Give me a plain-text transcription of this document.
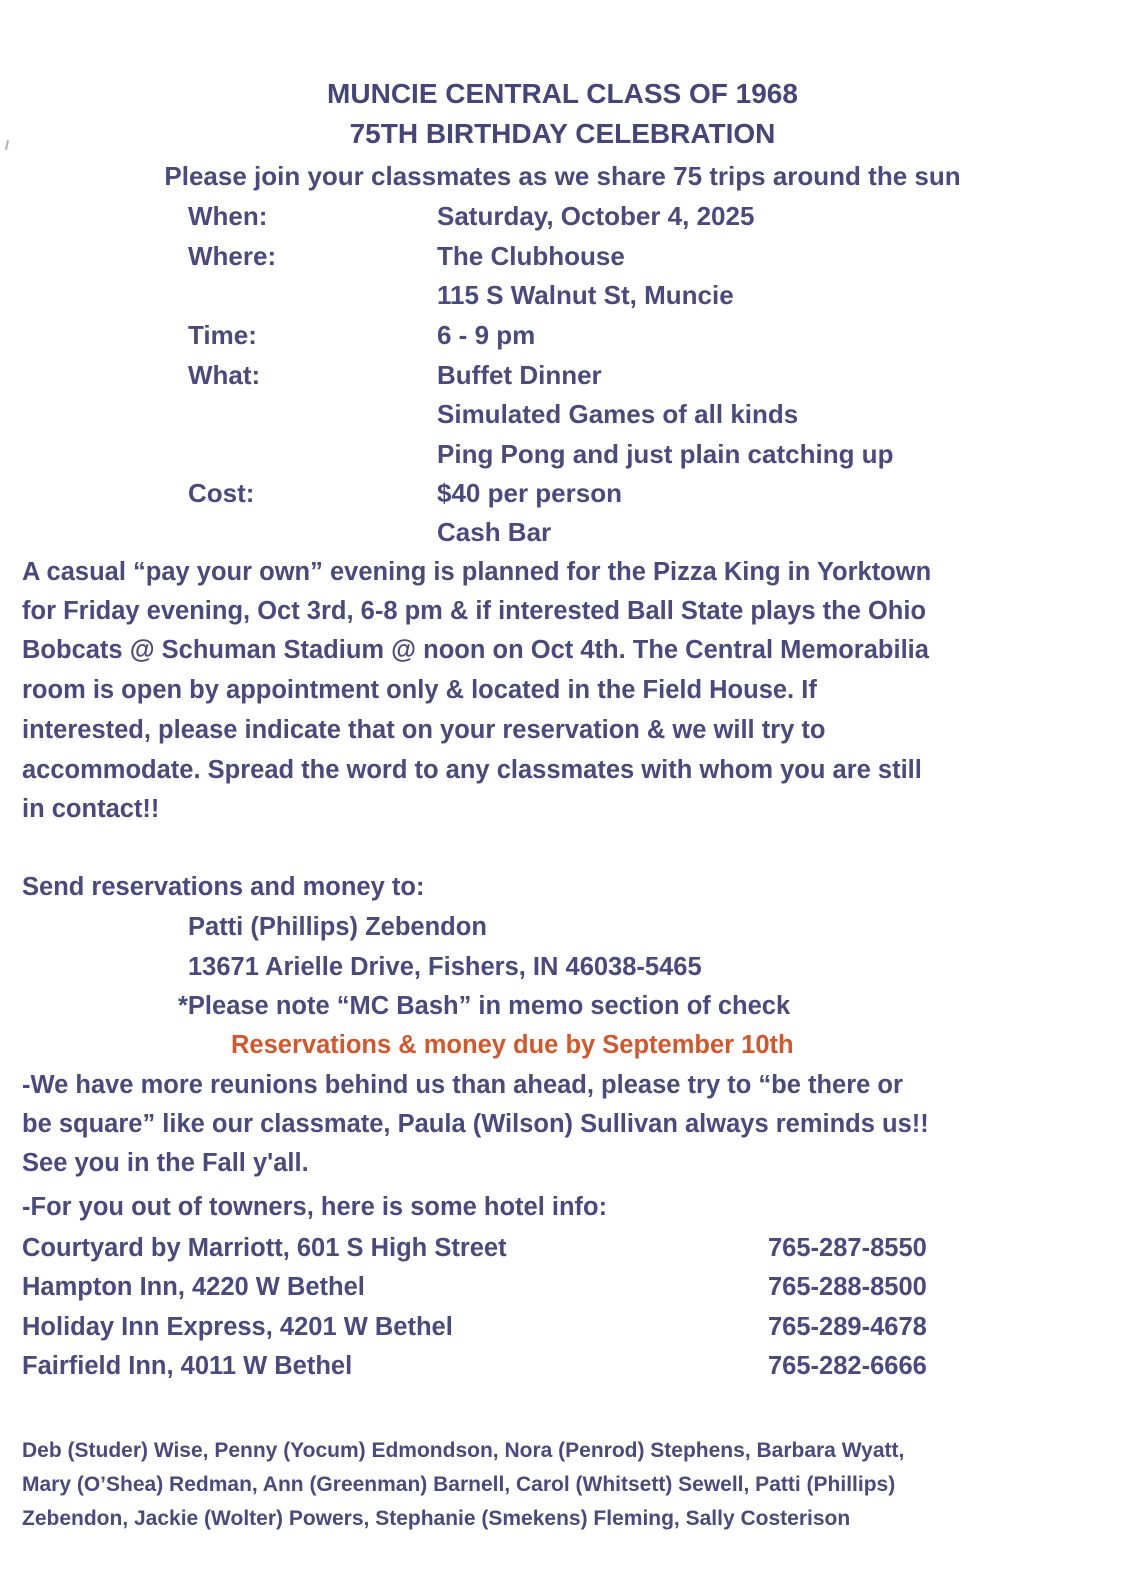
MUNCIE CENTRAL CLASS OF 1968
75TH BIRTHDAY CELEBRATION
Please join your classmates as we share 75 trips around the sun
When:	Saturday, October 4, 2025
Where:	The Clubhouse
115 S Walnut St, Muncie
Time:	6 - 9 pm
What:	Buffet Dinner
Simulated Games of all kinds
Ping Pong and just plain catching up
Cost:	$40 per person
Cash Bar
A casual “pay your own” evening is planned for the Pizza King in Yorktown
for Friday evening, Oct 3rd, 6-8 pm & if interested Ball State plays the Ohio
Bobcats @ Schuman Stadium @ noon on Oct 4th. The Central Memorabilia
room is open by appointment only & located in the Field House. If
interested, please indicate that on your reservation & we will try to
accommodate. Spread the word to any classmates with whom you are still
in contact!!
Send reservations and money to:
Patti (Phillips) Zebendon
13671 Arielle Drive, Fishers, IN 46038-5465
*Please note “MC Bash” in memo section of check
Reservations & money due by September 10th
-We have more reunions behind us than ahead, please try to “be there or
be square” like our classmate, Paula (Wilson) Sullivan always reminds us!!
See you in the Fall y'all.
-For you out of towners, here is some hotel info:
Courtyard by Marriott, 601 S High Street	765-287-8550
Hampton Inn, 4220 W Bethel	765-288-8500
Holiday Inn Express, 4201 W Bethel	765-289-4678
Fairfield Inn, 4011 W Bethel	765-282-6666
Deb (Studer) Wise, Penny (Yocum) Edmondson, Nora (Penrod) Stephens, Barbara Wyatt,
Mary (O’Shea) Redman, Ann (Greenman) Barnell, Carol (Whitsett) Sewell, Patti (Phillips)
Zebendon, Jackie (Wolter) Powers, Stephanie (Smekens) Fleming, Sally Costerison
